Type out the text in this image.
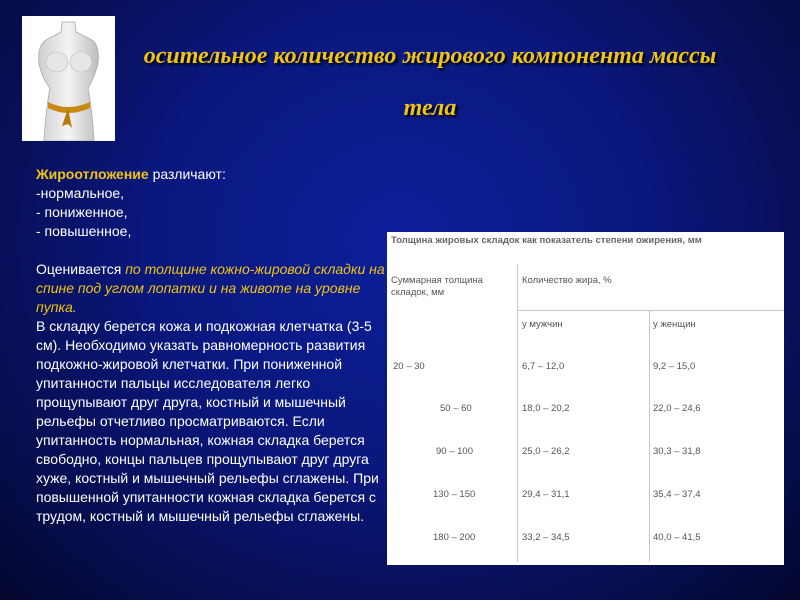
осительное количество жирового компонента массы
тела
Жироотложение различают:
-нормальное,
- пониженное,
- повышенное,
Оценивается по толщине кожно-жировой складки на спине под углом лопатки и на животе на уровне пупка.
В складку берется кожа и подкожная клетчатка (3-5 см). Необходимо указать равномерность развития подкожно-жировой клетчатки. При пониженной упитанности пальцы исследователя легко прощупывают друг друга, костный и мышечный рельефы отчетливо просматриваются. Если упитанность нормальная, кожная складка берется свободно, концы пальцев прощупывают друг друга хуже, костный и мышечный рельефы сглажены. При повышенной упитанности кожная складка берется с трудом, костный и мышечный рельефы сглажены.
Толщина жировых складок как показатель степени ожирения, мм
Суммарная толщина складок, мм
Количество жира, %
у мужчин	у женщин
20 – 30	6,7 – 12,0	9,2 – 15,0
50 – 60	18,0 – 20,2	22,0 – 24,6
90 – 100	25,0 – 26,2	30,3 – 31,8
130 – 150	29,4 – 31,1	35,4 – 37,4
180 – 200	33,2 – 34,5	40,0 – 41,5
